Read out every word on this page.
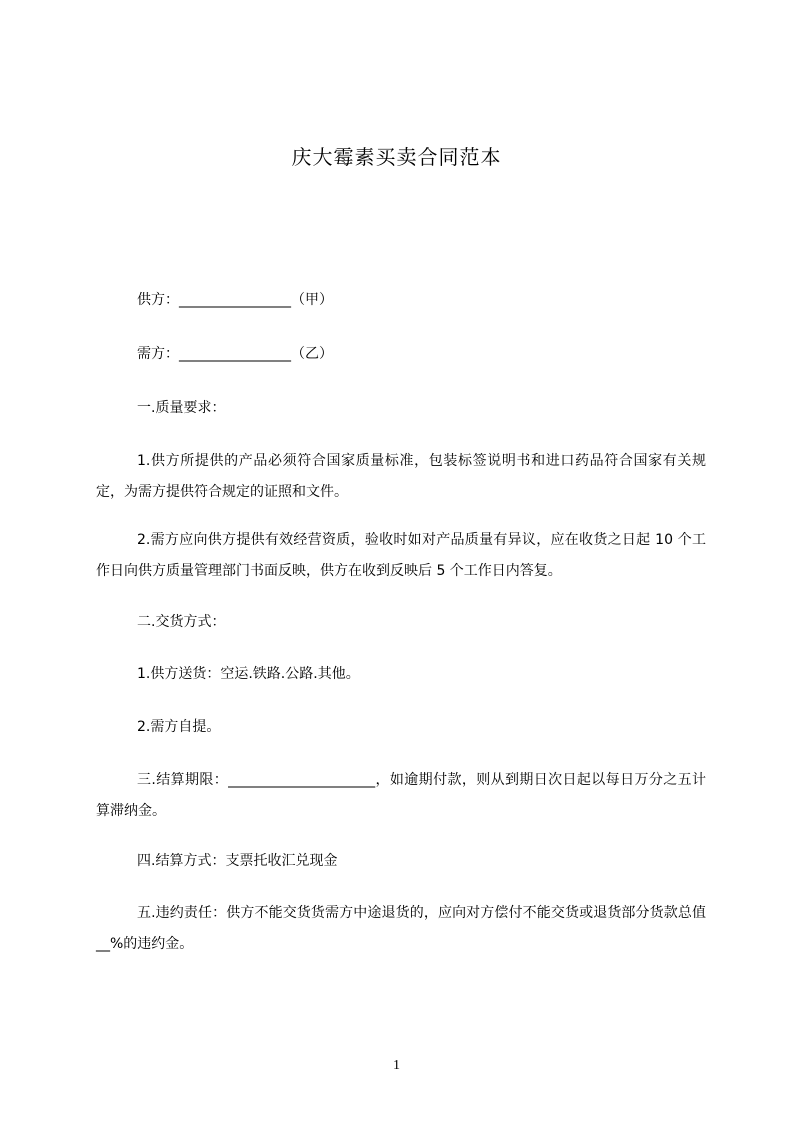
庆大霉素买卖合同范本
供方：________________（甲）
需方：________________（乙）
一.质量要求：
1.供方所提供的产品必须符合国家质量标准，包装标签说明书和进口药品符合国家有关规定，为需方提供符合规定的证照和文件。
2.需方应向供方提供有效经营资质，验收时如对产品质量有异议，应在收货之日起 10 个工作日向供方质量管理部门书面反映，供方在收到反映后 5 个工作日内答复。
二.交货方式：
1.供方送货：空运.铁路.公路.其他。
2.需方自提。
三.结算期限：_____________________，如逾期付款，则从到期日次日起以每日万分之五计算滞纳金。
四.结算方式：支票托收汇兑现金
五.违约责任：供方不能交货货需方中途退货的，应向对方偿付不能交货或退货部分货款总值__%的违约金。
1
